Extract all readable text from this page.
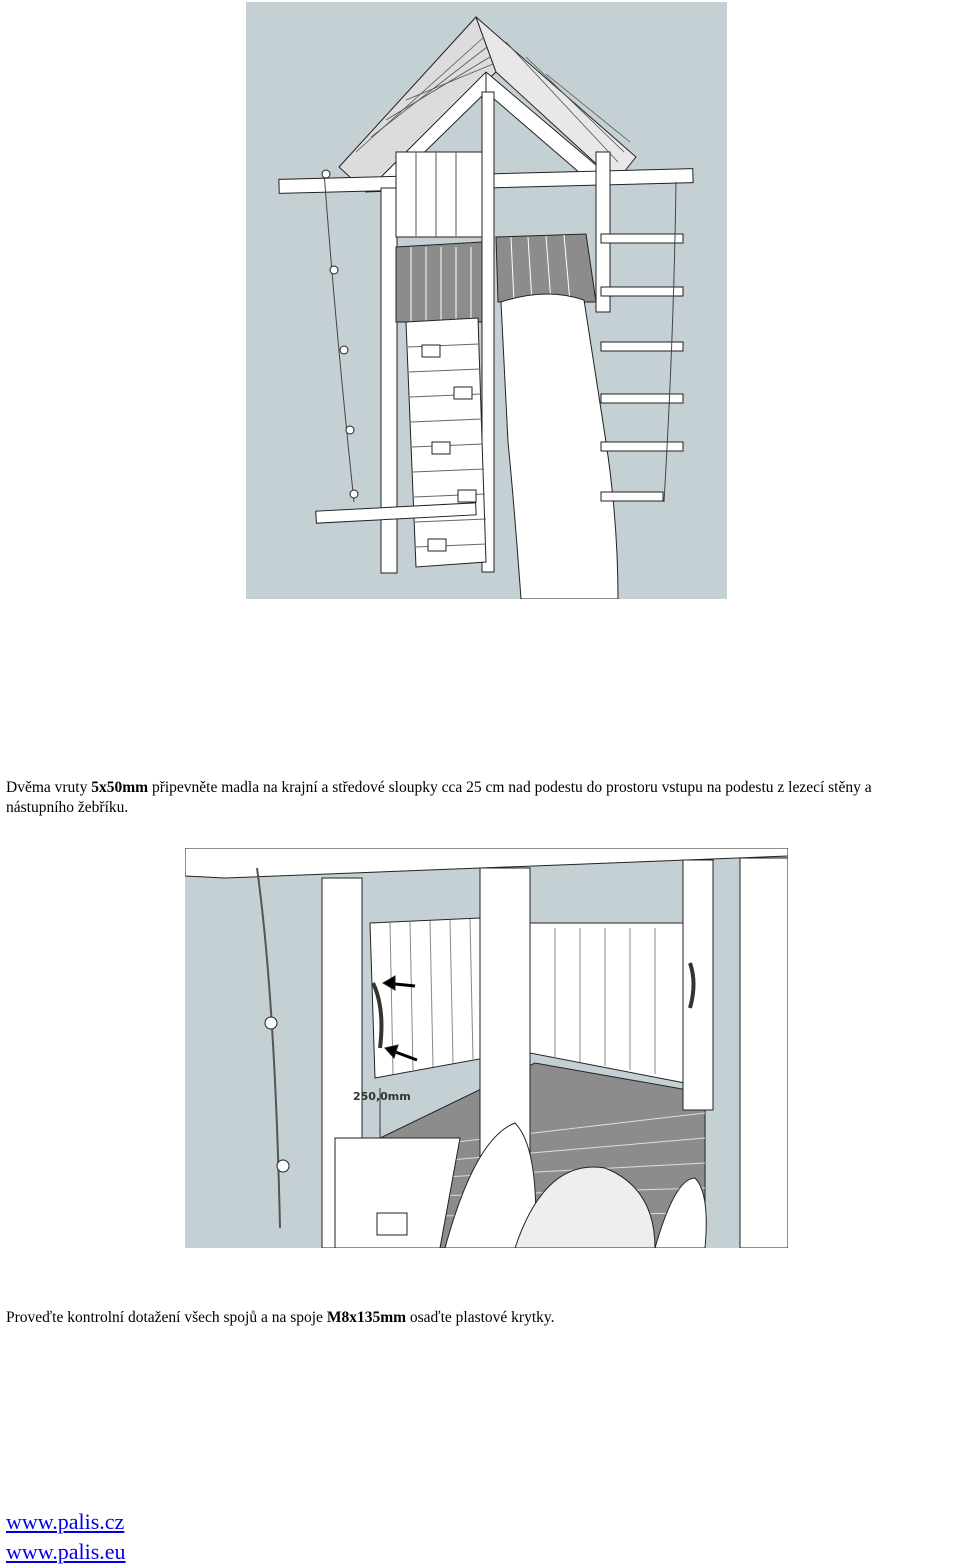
Dvěma vruty 5x50mm připevněte madla na krajní a středové sloupky cca 25 cm nad podestu do prostoru vstupu na podestu z lezecí stěny a
nástupního žebříku.
250,0mm
Proveďte kontrolní dotažení všech spojů a na spoje M8x135mm osaďte plastové krytky.
www.palis.cz
www.palis.eu
